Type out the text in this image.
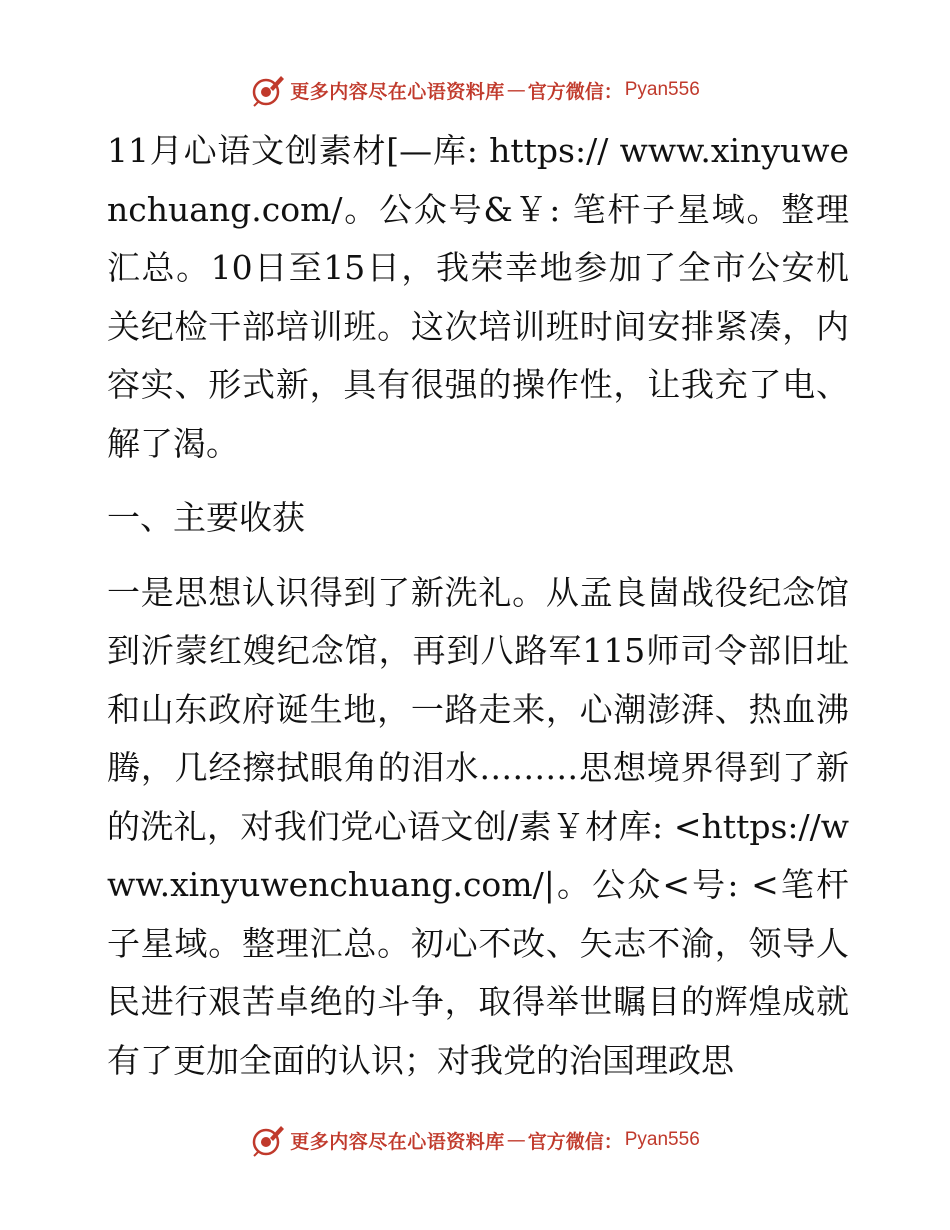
更多内容尽在心语资料库 — 官方微信： Pyan556

11月心语文创素材[—库: https:// www.xinyuwenchuang.com/。公众号&￥: 笔杆子星域。整理汇总。10日至15日，我荣幸地参加了全市公安机关纪检干部培训班。这次培训班时间安排紧凑，内容实、形式新，具有很强的操作性，让我充了电、解了渴。

一、主要收获

一是思想认识得到了新洗礼。从孟良崮战役纪念馆到沂蒙红嫂纪念馆，再到八路军115师司令部旧址和山东政府诞生地，一路走来，心潮澎湃、热血沸腾，几经擦拭眼角的泪水………思想境界得到了新的洗礼，对我们党心语文创/素￥材库: <https://www.xinyuwenchuang.com/|。公众<号: <笔杆子星域。整理汇总。初心不改、矢志不渝，领导人民进行艰苦卓绝的斗争，取得举世瞩目的辉煌成就有了更加全面的认识；对我党的治国理政思

更多内容尽在心语资料库 — 官方微信： Pyan556
